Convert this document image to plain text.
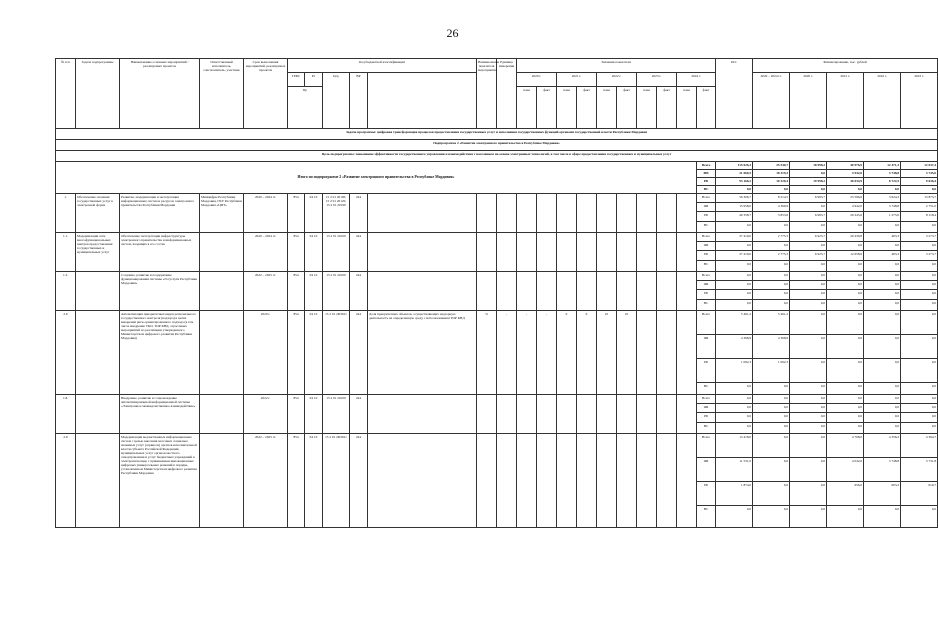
26
№ п/п	Задача подпрограммы	Наименование основных мероприятий / реализуемых проектов	Ответственный исполнитель, соисполнитель, участник	Срок выполнения мероприятий, реализуемых проектов	Код бюджетной классификации					Наименование показателя мероприятия	Единица измерения	Значения показателя										Ист.	Финансирование, тыс. рублей					
					ГРБС	Рз	Цср	ВР				2020 г.		2021 г.		2022 г.		2023 г.		2024 г.			2020 – 2024 гг.	2020 г.	2021 г.	2022 г.	2023 г.	
					Пр							план	факт	план	факт	план	факт	план	факт	план	факт							
Задача программы: цифровая трансформация процессов предоставления государственных услуг и исполнения государственных функций органами государственной власти Республики Мордовия																												
Подпрограмма 2 «Развитие электронного правительства в Республике Мордовия»																												
Цель подпрограммы: повышение эффективности государственного управления и взаимодействия с населением на основе электронных технологий, в том числе в сфере предоставления государственных и муниципальных услуг																												
Итого по подпрограмме 2 «Развитие электронного правительства в Республике Мордовия»																					Всего	115 026,3	25 540,7	18 998,2	40 976,9	12 471,3	12 037,4	
																					ФБ	21 060,5	18 319,3	0,0	4 942,0	3 748,8	3 745,0	
																					РБ	93 166,2	10 220,4	19 998,2	36 034,9	8 722,5	9 636,4	
																					ВС	0,0	0,0	0,0	0,0	0,0	0,0	
1.	Обеспечение оказания государственных услуг в электронной форме	Развитие, модернизация и эксплуатация информационных систем и ресурсов электронного правительства Республики Мордовия	Минцифры Республики Мордовия, ГКУ Республики Мордовия «ЦИТ»	2020 – 2024 гг.	854	04 10	15 2 01 20100, 15 2 01 20120, 15 2 01 20190	244													Всего	56 306,7	8 214,5	6 995,7	23 596,6	3 624,2	13 875,7	
																					ФБ	15 958,0	4 360,9	0,0	4 942,0	3 748,8	2 751,0	
																					РБ	40 358,7	3 853,6	6 995,7	20 245,6	1 275,0	8 118,4	
																					ВС	0,0	0,0	0,0	0,0	0,0	0,0	
1.1.	Модернизация сети многофункциональных центров предоставления государственных и муниципальных услуг	Обеспечение эксплуатации инфраструктуры электронного правительства и информационных систем, входящих в его состав		2020 – 2024 гг.	854	04 10	15 2 01 20100	244													Всего	37 419,0	2 775,3	6 925,7	20 430,8	463,3	3 273,7	
																					ФБ	0,0	0,0	0,0	0,0	0,0	0,0	
																					РБ	37 419,0	2 775,3	6 925,7	12 658,6	463,3	3 273,7	
																					ВС	0,0	0,0	0,0	0,0	0,0	0,0	
1.3.		Создание, развитие и поддержание функционирования системы «Госуслуги Республики Мордовия»		2022 – 2025 гг.	854	04 10	15 2 01 20100	244													Всего	0,0	0,0	0,0	0,0	0,0	0,0	
																					ФБ	0,0	0,0	0,0	0,0	0,0	0,0	
																					РБ	0,0	0,0	0,0	0,0	0,0	0,0	
																					ВС	0,0	0,0	0,0	0,0	0,0	0,0	
2.6		Автоматизация приоритетных видов регионального государственного контроля (надзора) в целях внедрения риск-ориентированного подхода (в том числе внедрение ТКО, ТОР КНД, отраслевых мероприятий по реализации утвержденного Министерством цифрового развития Республики Мордовия)		2020 г.	854	04 10	15 2 01 2R3021	244	Доля приоритетных объектов, осуществляющих надзорную деятельность на определенную среду с использованием ТОР КНД	%	-	-	-	0	0	10	10				Всего	5 461,2	5 461,2	0,0	0,0	0,0	0,0	
																					ФБ	4 368,9	4 368,9	0,0	0,0	0,0	0,0	
																					РБ	1 092,3	1 092,3	0,0	0,0	0,0	0,0	
																					ВС	0,0	0,0	0,0	0,0	0,0	0,0	
1.8.		Внедрение, развитие и сопровождение автоматизированной информационной системы «Электронное межведомственное взаимодействие»		2022 г.	854	04 10	15 2 01 20100	244													Всего	0,0	0,0	0,0	0,0	0,0	0,0	
																					ФБ	0,0	0,0	0,0	0,0	0,0	0,0	
																					РБ	0,0	0,0	0,0	0,0	0,0	0,0	
																					ВС	0,0	0,0	0,0	0,0	0,0	0,0	
2.9		Модернизация ведомственных информационных систем с целью внесения массовых социально значимых услуг (сервисов) органов исполнительной власти субъекта Российской Федерации, муниципальных услуг органов местного самоуправления и услуг бюджетных учреждений в электронном виде с применением инновационных цифровых универсальных решений в порядке, установленном Министерством цифрового развития Республики Мордовия		2022 – 2025 гг.	854	04 10	15 2 01 2R3021	244													Всего	13 418,0	0,0	0,0	4 708,0	4 356,2	4 364,7	
																					ФБ	11 531,0	0,0	0,0	4 042,0	3 748,8	3 731,8	
																					РБ	1 874,0	0,0	0,0	656,0	603,2	610,7	
																					ВС	0,0	0,0	0,0	0,0	0,0	0,0	
